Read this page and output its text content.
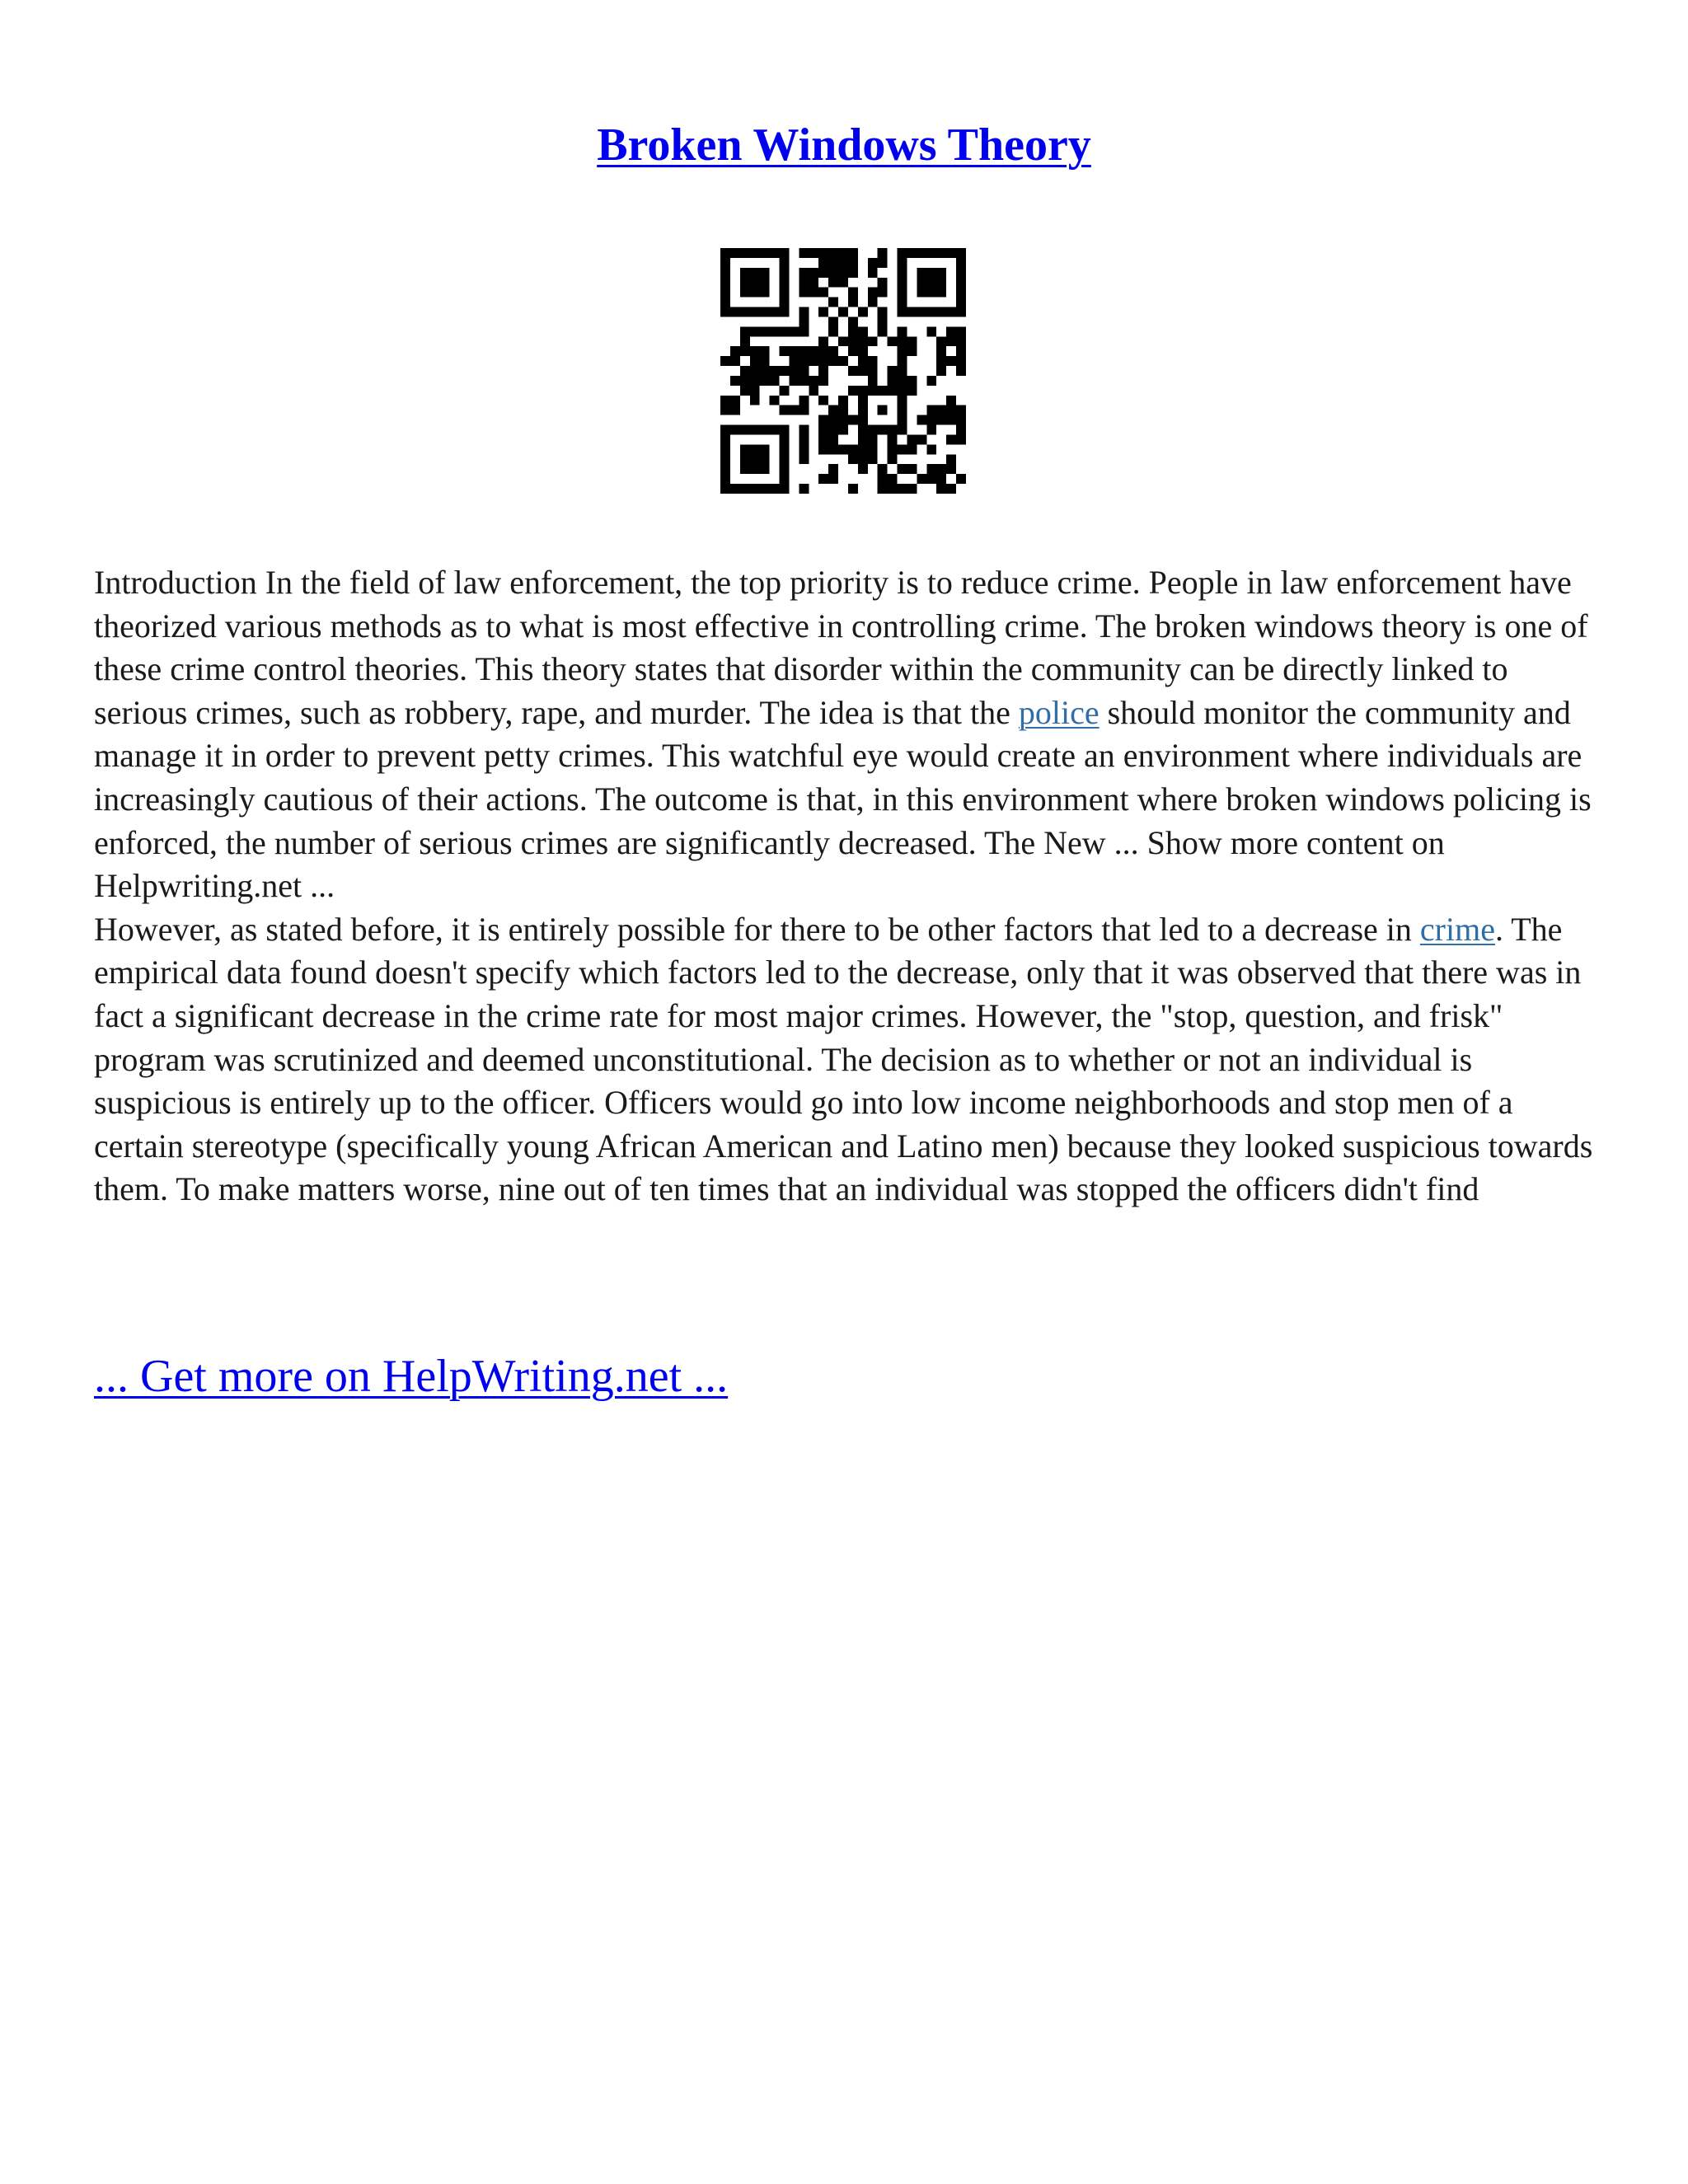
Broken Windows Theory

Introduction In the field of law enforcement, the top priority is to reduce crime. People in law enforcement have theorized various methods as to what is most effective in controlling crime. The broken windows theory is one of these crime control theories. This theory states that disorder within the community can be directly linked to serious crimes, such as robbery, rape, and murder. The idea is that the police should monitor the community and manage it in order to prevent petty crimes. This watchful eye would create an environment where individuals are increasingly cautious of their actions. The outcome is that, in this environment where broken windows policing is enforced, the number of serious crimes are significantly decreased. The New ... Show more content on Helpwriting.net ...

However, as stated before, it is entirely possible for there to be other factors that led to a decrease in crime. The empirical data found doesn't specify which factors led to the decrease, only that it was observed that there was in fact a significant decrease in the crime rate for most major crimes. However, the "stop, question, and frisk" program was scrutinized and deemed unconstitutional. The decision as to whether or not an individual is suspicious is entirely up to the officer. Officers would go into low income neighborhoods and stop men of a certain stereotype (specifically young African American and Latino men) because they looked suspicious towards them. To make matters worse, nine out of ten times that an individual was stopped the officers didn't find

... Get more on HelpWriting.net ...
